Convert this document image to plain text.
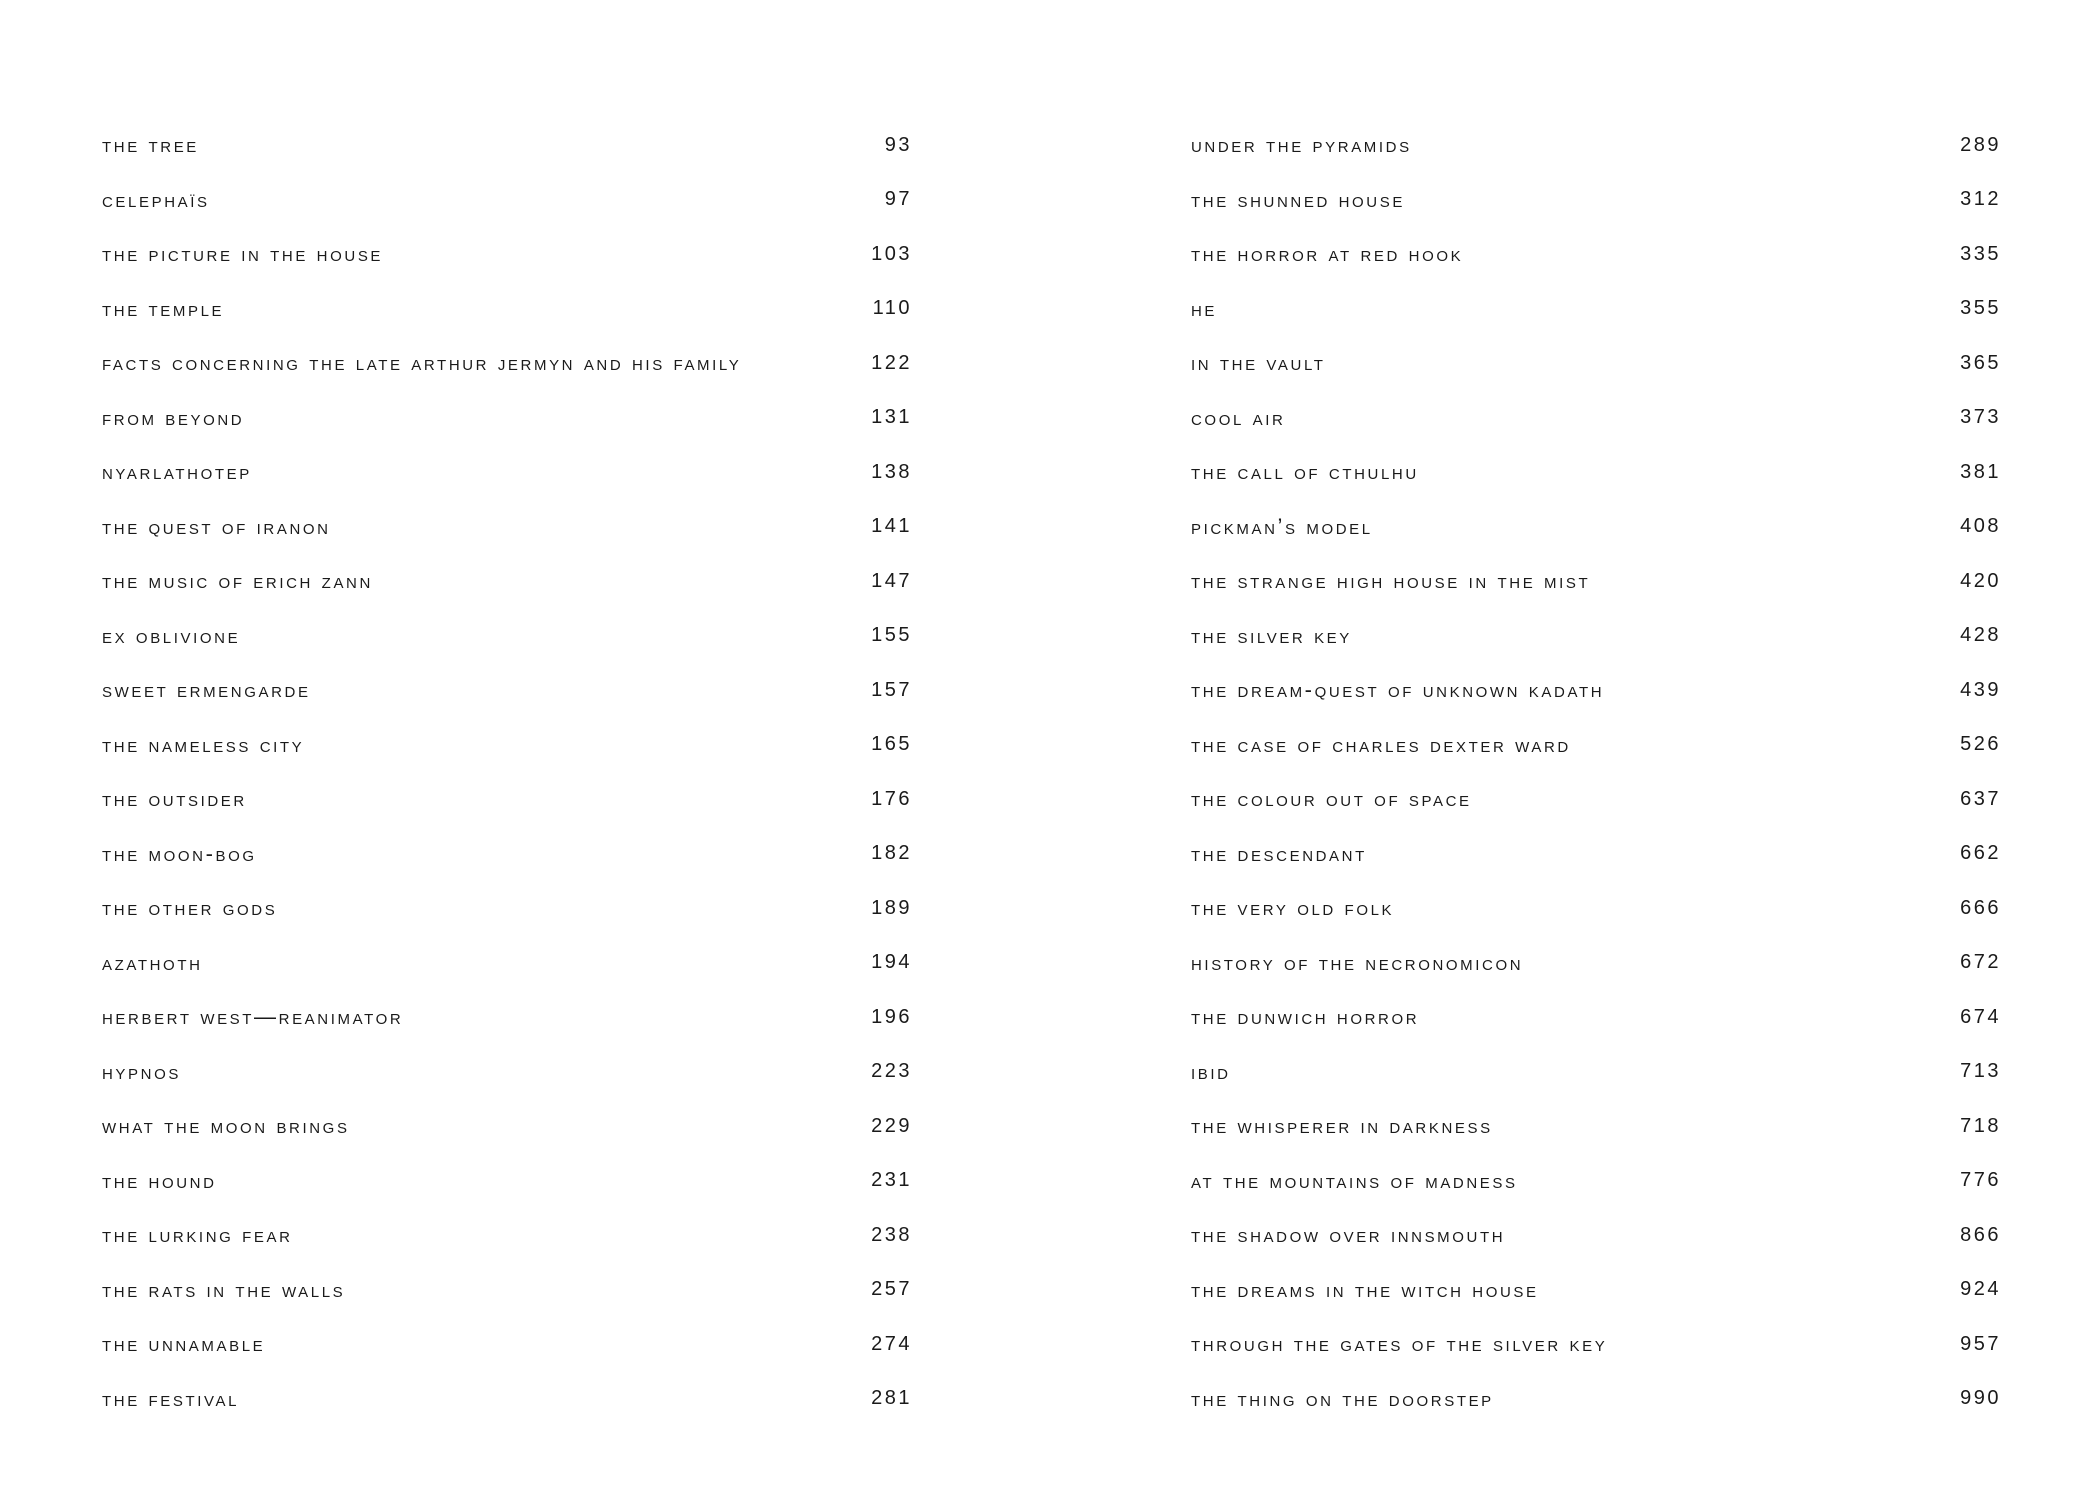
the tree	93
celephaïs	97
the picture in the house	103
the temple	110
facts concerning the late arthur jermyn and his family	122
from beyond	131
nyarlathotep	138
the quest of iranon	141
the music of erich zann	147
ex oblivione	155
sweet ermengarde	157
the nameless city	165
the outsider	176
the moon-bog	182
the other gods	189
azathoth	194
herbert west—reanimator	196
hypnos	223
what the moon brings	229
the hound	231
the lurking fear	238
the rats in the walls	257
the unnamable	274
the festival	281
under the pyramids	289
the shunned house	312
the horror at red hook	335
he	355
in the vault	365
cool air	373
the call of cthulhu	381
pickman’s model	408
the strange high house in the mist	420
the silver key	428
the dream-quest of unknown kadath	439
the case of charles dexter ward	526
the colour out of space	637
the descendant	662
the very old folk	666
history of the necronomicon	672
the dunwich horror	674
ibid	713
the whisperer in darkness	718
at the mountains of madness	776
the shadow over innsmouth	866
the dreams in the witch house	924
through the gates of the silver key	957
the thing on the doorstep	990
